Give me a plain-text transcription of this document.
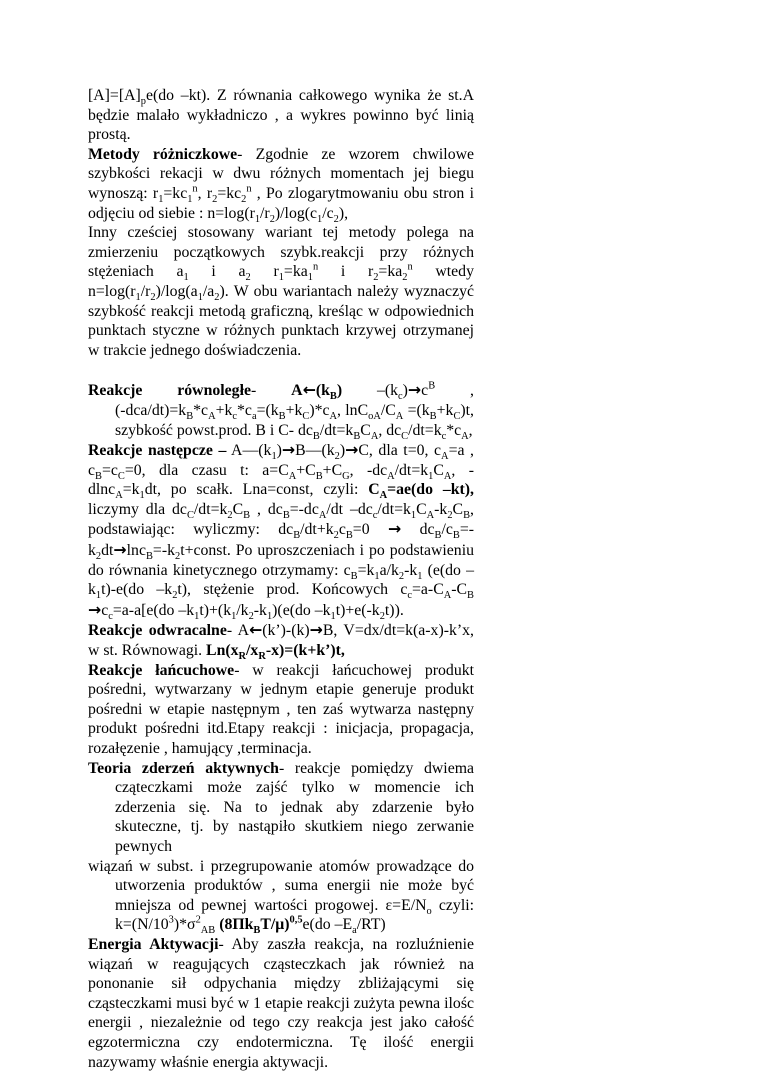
$[A]=[A]_pe(do$ –kt). Z równania całkowego wynika że st.A będzie malało wykładniczo , a wykres powinno być linią prostą.

Metody różniczkowe- Zgodnie ze wzorem chwilowe szybkości rekacji w dwu różnych momentach jej biegu wynoszą: $r_1=kc_1^n$, $r_2=kc_2^n$ , Po zlogarytmowaniu obu stron i odjęciu od siebie : $n=\log(r_1/r_2)/\log(c_1/c_2)$,

Inny cześciej stosowany wariant tej metody polega na zmierzeniu początkowych szybk.reakcji przy różnych stężeniach $a_1$ i $a_2$ $r_1=ka_1^n$ i $r_2=ka_2^n$ wtedy $n=\log(r_1/r_2)/\log(a_1/a_2)$. W obu wariantach należy wyznaczyć szybkość reakcji metodą graficzną, kreśląc w odpowiednich punktach styczne w różnych punktach krzywej otrzymanej w trakcie jednego doświadczenia.

Reakcje równoległe- $A\leftarrow(k_B)$ $-(k_c)\to c^B$ ,

$(-dca/dt)=k_B*c_A+k_c*c_a=(k_B+k_C)*c_A$, $\ln C_{oA}/C_A =(k_B+k_C)t$, szybkość powst.prod. B i C- $dc_B/dt=k_BC_A$, $dc_C/dt=k_c*c_A$,

Reakcje następcze – $A—(k_1)\to B—(k_2)\to C$, dla t=0, $c_A=a$ , $c_B=c_C=0$, dla czasu t: $a=C_A+C_B+C_G$, $-dc_A/dt=k_1C_A$, $-dlnc_A=k_1dt$, po scałk. Lna=const, czyli: $C_A=ae(do$ –kt), liczymy dla $dc_C/dt=k_2C_B$ , $dc_B=-dc_A/dt$ $-dc_c/dt=k_1C_A-k_2C_B$, podstawiając: wyliczmy: $dc_B/dt+k_2c_B=0$ → $dc_B/c_B=-k_2dt\to\ln c_B=-k_2t+const$. Po uproszczeniach i po podstawieniu do równania kinetycznego otrzymamy: $c_B=k_1a/k_2-k_1$ (e(do $-k_1t)-e(do$ $-k_2t$), stężenie prod. Końcowych $c_c=a-C_A-C_B \to c_c=a-a[e(do$ $-k_1t)+(k_1/k_2-k_1)(e(do$ $-k_1t)+e(-k_2t)$).

Reakcje odwracalne- A←(k’)-(k)→B, V=dx/dt=k(a-x)-k’x, w st. Równowagi. $Ln(x_R/x_R-x)=(k+k’)t$,

Reakcje łańcuchowe- w reakcji łańcuchowej produkt pośredni, wytwarzany w jednym etapie generuje produkt pośredni w etapie następnym , ten zaś wytwarza następny produkt pośredni itd.Etapy reakcji : inicjacja, propagacja, rozałęzenie , hamujący ,terminacja.

Teoria zderzeń aktywnych- reakcje pomiędzy dwiema cząteczkami może zajść tylko w momencie ich zderzenia się. Na to jednak aby zdarzenie było skuteczne, tj. by nastąpiło skutkiem niego zerwanie pewnych

wiązań w subst. i przegrupowanie atomów prowadzące do utworzenia produktów , suma energii nie może być mniejsza od pewnej wartości progowej. $\varepsilon=E/N_o$ czyli: $k=(N/10^3)*\sigma^2_{AB}$ $(8\Pi k_BT/\mu)^{0,5}e(do$ $-E_a/RT$)

Energia Aktywacji- Aby zaszła reakcja, na rozluźnienie wiązań w reagujących cząsteczkach jak również na pononanie sił odpychania między zbliżającymi się cząsteczkami musi być w 1 etapie reakcji zużyta pewna ilośc energii , niezależnie od tego czy reakcja jest jako całość egzotermiczna czy endotermiczna. Tę ilość energii nazywamy właśnie energia aktywacji.
